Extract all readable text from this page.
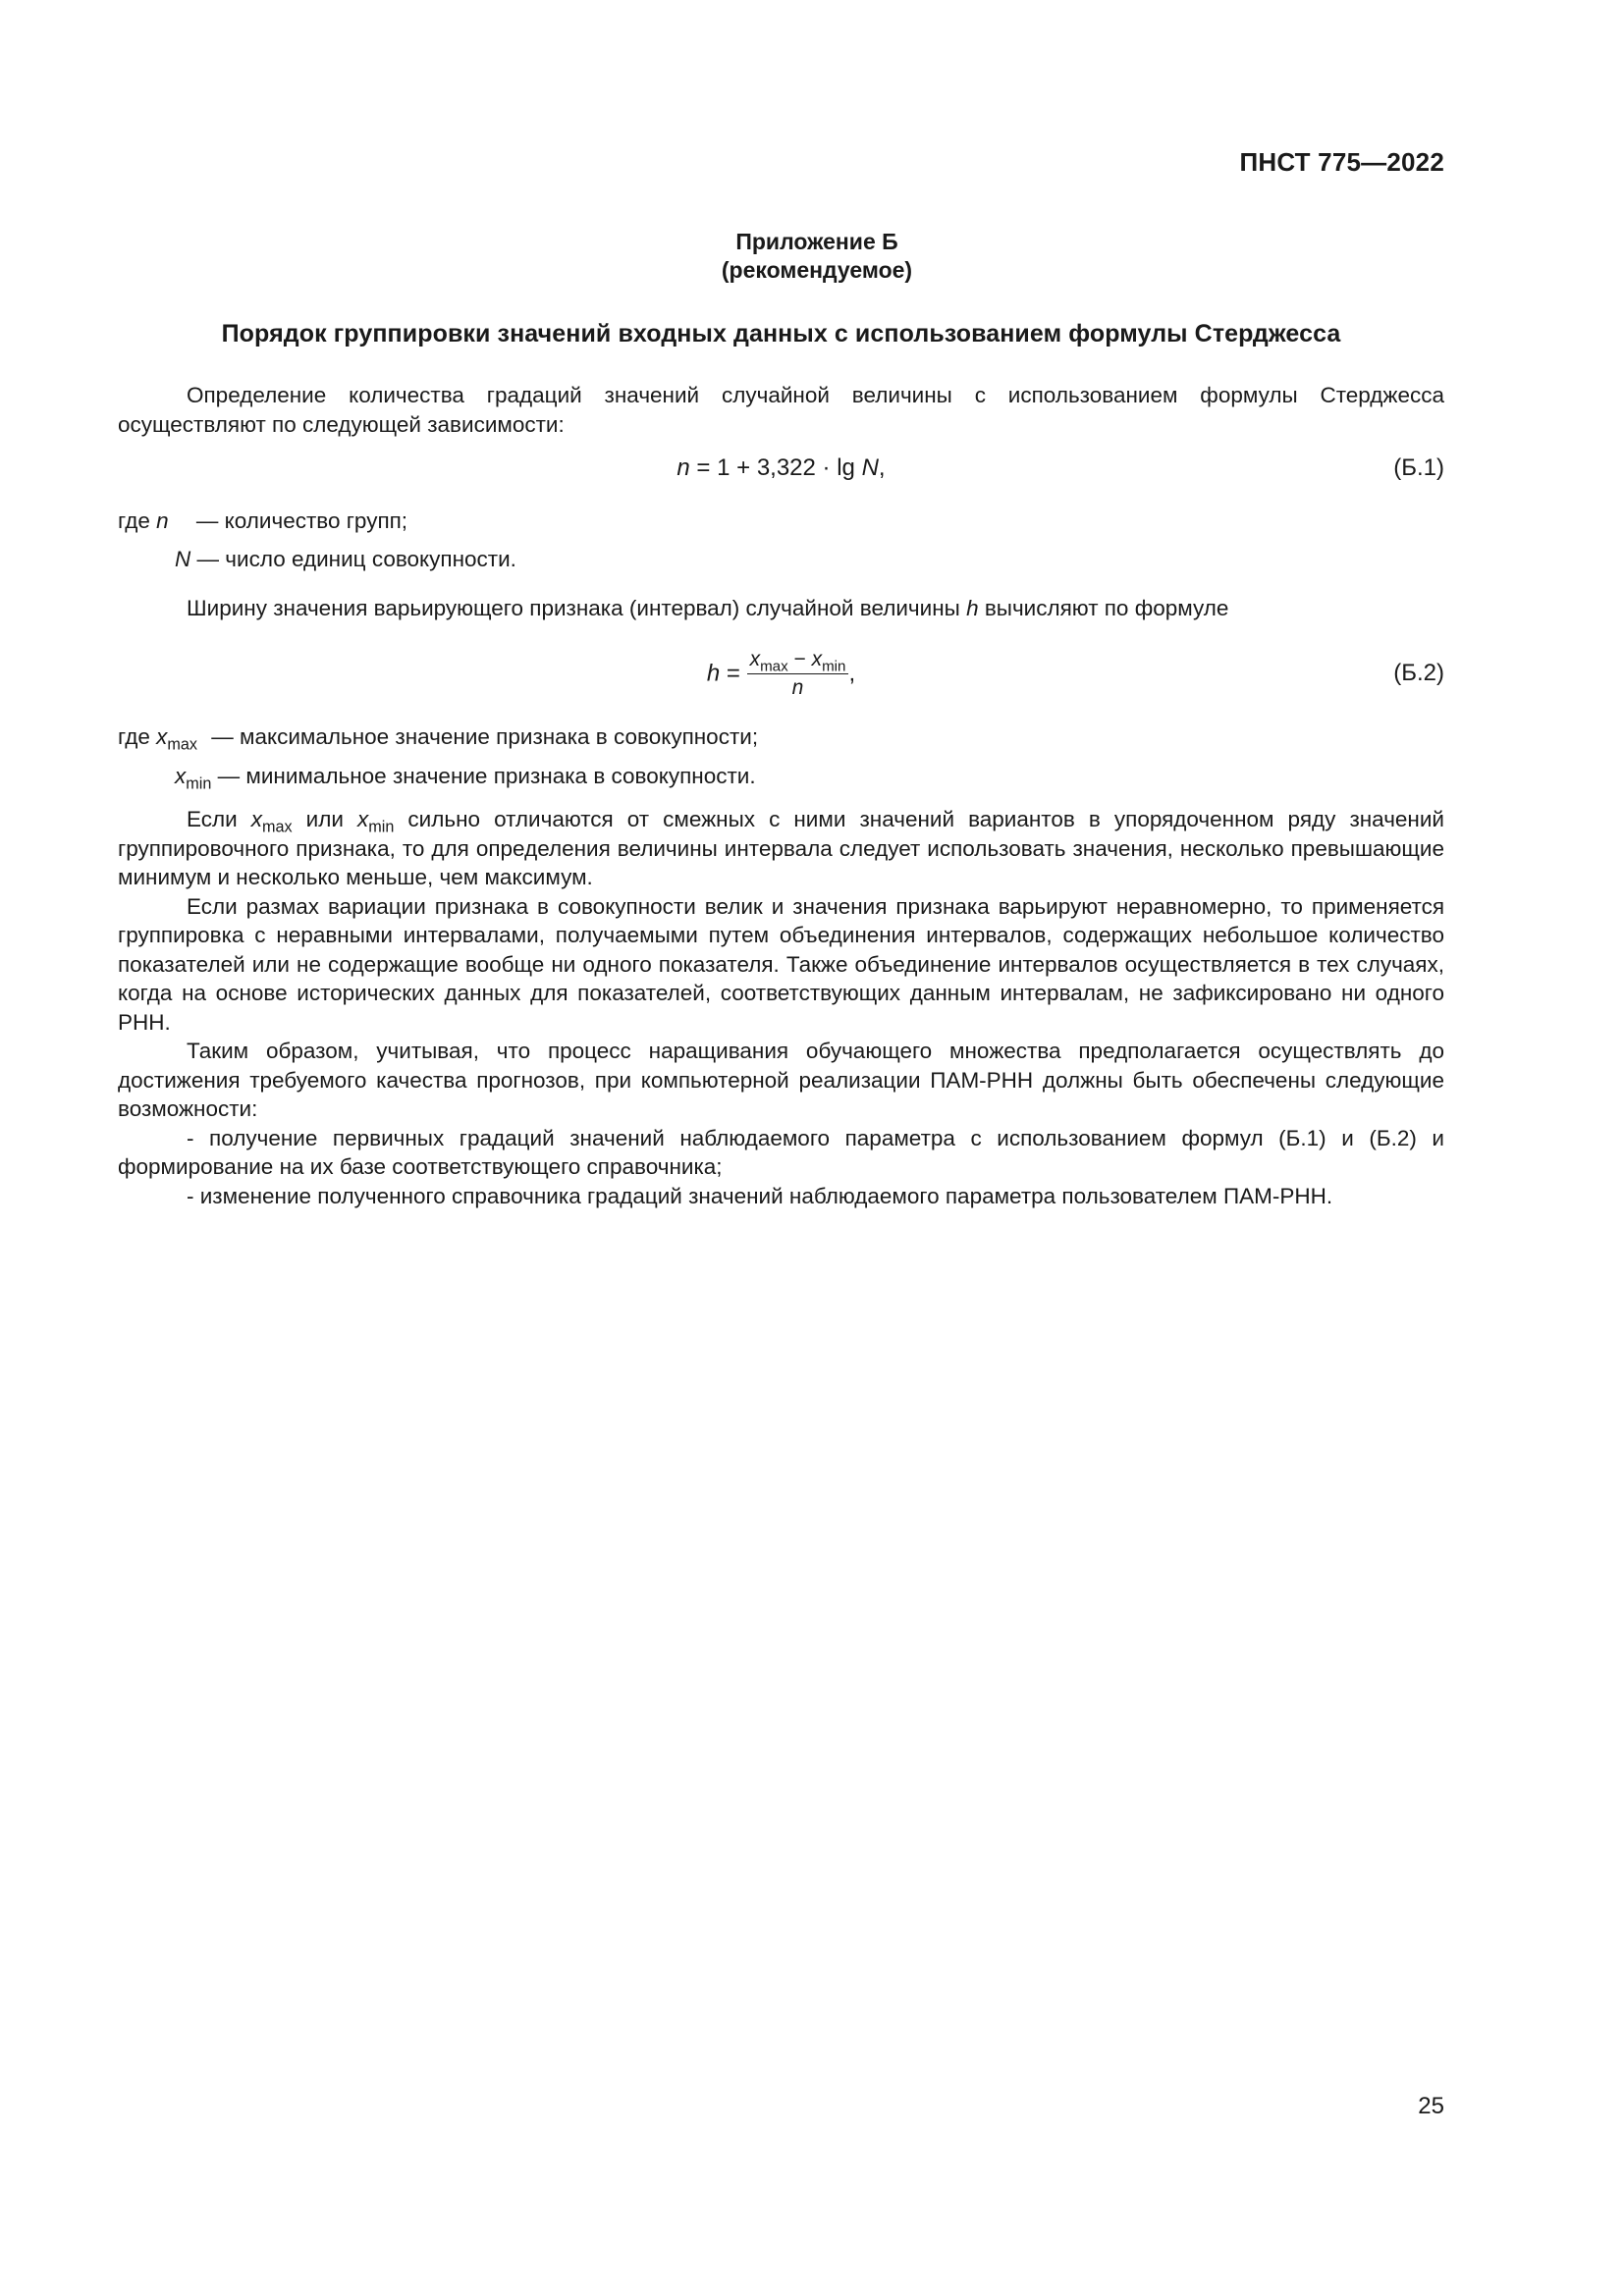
ПНСТ 775—2022
Приложение Б
(рекомендуемое)
Порядок группировки значений входных данных с использованием формулы Стерджесса

Определение количества градаций значений случайной величины с использованием формулы Стерджесса осуществляют по следующей зависимости:

n = 1 + 3,322 · lg N,	(Б.1)
где n — количество групп;
N — число единиц совокупности.

Ширину значения варьирующего признака (интервал) случайной величины h вычисляют по формуле

$h = \frac{x_{max} - x_{min}}{n}$ ,	(Б.2)
где $x_{max}$ — максимальное значение признака в совокупности;
$x_{min}$ — минимальное значение признака в совокупности.

Если $x_{max}$ или $x_{min}$ сильно отличаются от смежных с ними значений вариантов в упорядоченном ряду значений группировочного признака, то для определения величины интервала следует использовать значения, несколько превышающие минимум и несколько меньше, чем максимум.

Если размах вариации признака в совокупности велик и значения признака варьируют неравномерно, то применяется группировка с неравными интервалами, получаемыми путем объединения интервалов, содержащих небольшое количество показателей или не содержащие вообще ни одного показателя. Также объединение интервалов осуществляется в тех случаях, когда на основе исторических данных для показателей, соответствующих данным интервалам, не зафиксировано ни одного РНН.

Таким образом, учитывая, что процесс наращивания обучающего множества предполагается осуществлять до достижения требуемого качества прогнозов, при компьютерной реализации ПАМ-РНН должны быть обеспечены следующие возможности:

- получение первичных градаций значений наблюдаемого параметра с использованием формул (Б.1) и (Б.2) и формирование на их базе соответствующего справочника;

- изменение полученного справочника градаций значений наблюдаемого параметра пользователем ПАМ-РНН.

25
